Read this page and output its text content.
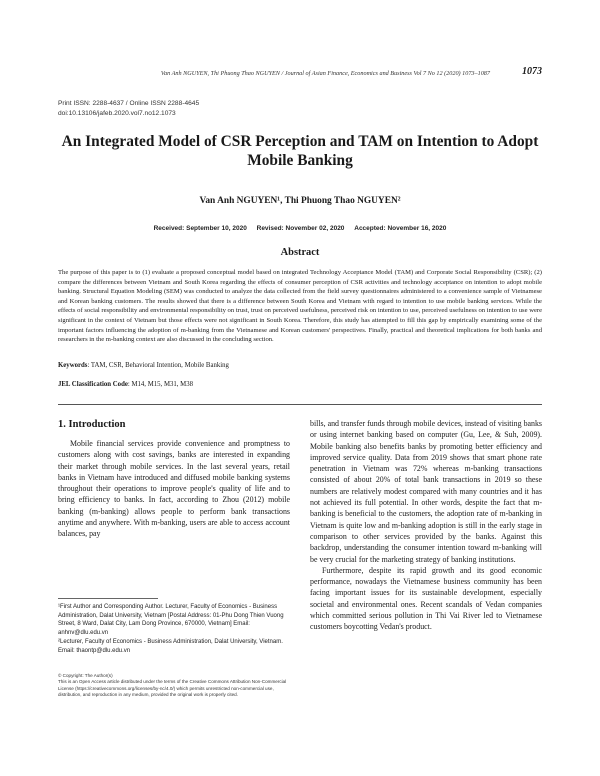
Van Anh NGUYEN, Thi Phuong Thao NGUYEN / Journal of Asian Finance, Economics and Business Vol 7 No 12 (2020) 1073–1087	1073
Print ISSN: 2288-4637 / Online ISSN 2288-4645
doi:10.13106/jafeb.2020.vol7.no12.1073
An Integrated Model of CSR Perception and TAM on Intention to Adopt Mobile Banking
Van Anh NGUYEN¹, Thi Phuong Thao NGUYEN²
Received: September 10, 2020 Revised: November 02, 2020 Accepted: November 16, 2020
Abstract
The purpose of this paper is to (1) evaluate a proposed conceptual model based on integrated Technology Acceptance Model (TAM) and Corporate Social Responsibility (CSR); (2) compare the differences between Vietnam and South Korea regarding the effects of consumer perception of CSR activities and technology acceptance on intention to adopt mobile banking. Structural Equation Modeling (SEM) was conducted to analyze the data collected from the field survey questionnaires administered to a convenience sample of Vietnamese and Korean banking customers. The results showed that there is a difference between South Korea and Vietnam with regard to intention to use mobile banking services. While the effects of social responsibility and environmental responsibility on trust, trust on perceived usefulness, perceived risk on intention to use, perceived usefulness on intention to use were significant in the context of Vietnam but those effects were not significant in South Korea. Therefore, this study has attempted to fill this gap by empirically examining some of the important factors influencing the adoption of m-banking from the Vietnamese and Korean customers' perspectives. Finally, practical and theoretical implications for both banks and researchers in the m-banking context are also discussed in the concluding section.
Keywords: TAM, CSR, Behavioral Intention, Mobile Banking
JEL Classification Code: M14, M15, M31, M38
1. Introduction

Mobile financial services provide convenience and promptness to customers along with cost savings, banks are interested in expanding their market through mobile services. In the last several years, retail banks in Vietnam have introduced and diffused mobile banking systems throughout their operations to improve people's quality of life and to bring efficiency to banks. In fact, according to Zhou (2012) mobile banking (m-banking) allows people to perform bank transactions anytime and anywhere. With m-banking, users are able to access account balances, pay

bills, and transfer funds through mobile devices, instead of visiting banks or using internet banking based on computer (Gu, Lee, & Suh, 2009). Mobile banking also benefits banks by promoting better efficiency and improved service quality. Data from 2019 shows that smart phone rate penetration in Vietnam was 72% whereas m-banking transactions consisted of about 20% of total bank transactions in 2019 so these numbers are relatively modest compared with many countries and it has not achieved its full potential. In other words, despite the fact that m-banking is beneficial to the customers, the adoption rate of m-banking in Vietnam is quite low and m-banking adoption is still in the early stage in comparison to other services provided by the banks. Against this backdrop, understanding the consumer intention toward m-banking will be very crucial for the marketing strategy of banking institutions.

Furthermore, despite its rapid growth and its good economic performance, nowadays the Vietnamese business community has been facing important issues for its sustainable development, especially societal and environmental ones. Recent scandals of Vedan companies which committed serious pollution in Thi Vai River led to Vietnamese customers boycotting Vedan's product.

¹First Author and Corresponding Author. Lecturer, Faculty of Economics - Business Administration, Dalat University, Vietnam [Postal Address: 01-Phu Dong Thien Vuong Street, 8 Ward, Dalat City, Lam Dong Province, 670000, Vietnam] Email: anhnv@dlu.edu.vn

²Lecturer, Faculty of Economics - Business Administration, Dalat University, Vietnam. Email: thaontp@dlu.edu.vn

© Copyright: The Author(s)

This is an Open Access article distributed under the terms of the Creative Commons Attribution Non-Commercial License (https://creativecommons.org/licenses/by-nc/4.0/) which permits unrestricted non-commercial use, distribution, and reproduction in any medium, provided the original work is properly cited.
